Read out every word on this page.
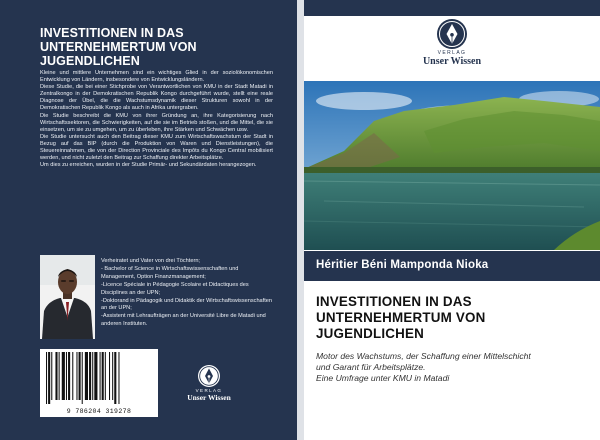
INVESTITIONEN IN DAS UNTERNEHMERTUM VON JUGENDLICHEN

Kleine und mittlere Unternehmen sind ein wichtiges Glied in der soziolökonomischen Entwicklung von Ländern, insbesondere von Entwicklungsländern.

Diese Studie, die bei einer Stichprobe von Verantwortlichen von KMU in der Stadt Matadi in Zentralkongo in der Demokratischen Republik Kongo durchgeführt wurde, stellt eine reale Diagnose der Übel, die die Wachstumsdynamik dieser Strukturen sowohl in der Demokratischen Republik Kongo als auch in Afrika untergraben.

Die Studie beschreibt die KMU von ihrer Gründung an, ihre Kategorisierung nach Wirtschaftssektoren, die Schwierigkeiten, auf die sie im Betrieb stoßen, und die Mittel, die sie einsetzen, um sie zu umgehen, um zu überleben, ihre Stärken und Schwächen usw.

Die Studie untersucht auch den Beitrag dieser KMU zum Wirtschaftswachstum der Stadt in Bezug auf das BIP (durch die Produktion von Waren und Dienstleistungen), die Steuereinnahmen, die von der Direction Provinciale des Impôts du Kongo Central mobilisiert werden, und nicht zuletzt den Beitrag zur Schaffung direkter Arbeitsplätze.

Um dies zu erreichen, wurden in der Studie Primär- und Sekundärdaten herangezogen.

Verheiratet und Vater von drei Töchtern;

- Bachelor of Science in Wirtschaftswissenschaften und Management, Option Finanzmanagement;

-Licence Spéciale in Pédagogie Scolaire et Didactiques des Disciplines an der UPN;

-Doktorand in Pädagogik und Didaktik der Wirtschaftswissenschaften an der UPN;

-Assistent mit Lehraufträgen an der Université Libre de Matadi und anderen Instituten.

9 786204 319278
VERLAG
Unser Wissen
VERLAG
Unser Wissen
Héritier Béni Mamponda Nioka
INVESTITIONEN IN DAS UNTERNEHMERTUM VON JUGENDLICHEN
Motor des Wachstums, der Schaffung einer Mittelschicht
und Garant für Arbeitsplätze.
Eine Umfrage unter KMU in Matadi
